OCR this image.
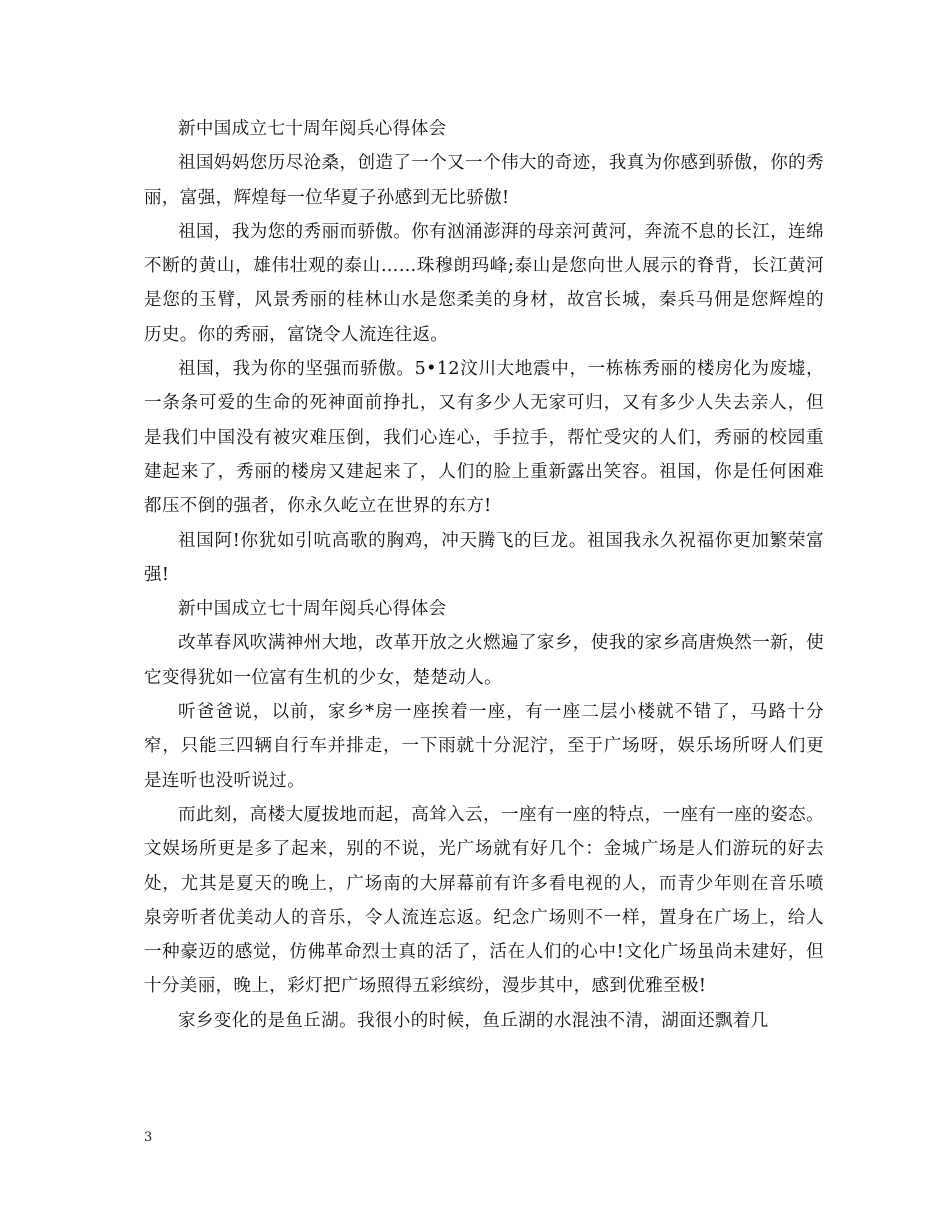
新中国成立七十周年阅兵心得体会

祖国妈妈您历尽沧桑，创造了一个又一个伟大的奇迹，我真为你感到骄傲，你的秀丽，富强，辉煌每一位华夏子孙感到无比骄傲!

祖国，我为您的秀丽而骄傲。你有汹涌澎湃的母亲河黄河，奔流不息的长江，连绵不断的黄山，雄伟壮观的泰山……珠穆朗玛峰;泰山是您向世人展示的脊背，长江黄河是您的玉臂，风景秀丽的桂林山水是您柔美的身材，故宫长城，秦兵马佣是您辉煌的历史。你的秀丽，富饶令人流连往返。

祖国，我为你的坚强而骄傲。5•12汶川大地震中，一栋栋秀丽的楼房化为废墟，一条条可爱的生命的死神面前挣扎，又有多少人无家可归，又有多少人失去亲人，但是我们中国没有被灾难压倒，我们心连心，手拉手，帮忙受灾的人们，秀丽的校园重建起来了，秀丽的楼房又建起来了，人们的脸上重新露出笑容。祖国，你是任何困难都压不倒的强者，你永久屹立在世界的东方!

祖国阿!你犹如引吭高歌的胸鸡，冲天腾飞的巨龙。祖国我永久祝福你更加繁荣富强!

新中国成立七十周年阅兵心得体会

改革春风吹满神州大地，改革开放之火燃遍了家乡，使我的家乡高唐焕然一新，使它变得犹如一位富有生机的少女，楚楚动人。

听爸爸说，以前，家乡*房一座挨着一座，有一座二层小楼就不错了，马路十分窄，只能三四辆自行车并排走，一下雨就十分泥泞，至于广场呀，娱乐场所呀人们更是连听也没听说过。

而此刻，高楼大厦拔地而起，高耸入云，一座有一座的特点，一座有一座的姿态。文娱场所更是多了起来，别的不说，光广场就有好几个：金城广场是人们游玩的好去处，尤其是夏天的晚上，广场南的大屏幕前有许多看电视的人，而青少年则在音乐喷泉旁听者优美动人的音乐，令人流连忘返。纪念广场则不一样，置身在广场上，给人一种豪迈的感觉，仿佛革命烈士真的活了，活在人们的心中!文化广场虽尚未建好，但十分美丽，晚上，彩灯把广场照得五彩缤纷，漫步其中，感到优雅至极!

家乡变化的是鱼丘湖。我很小的时候，鱼丘湖的水混浊不清，湖面还飘着几

3
